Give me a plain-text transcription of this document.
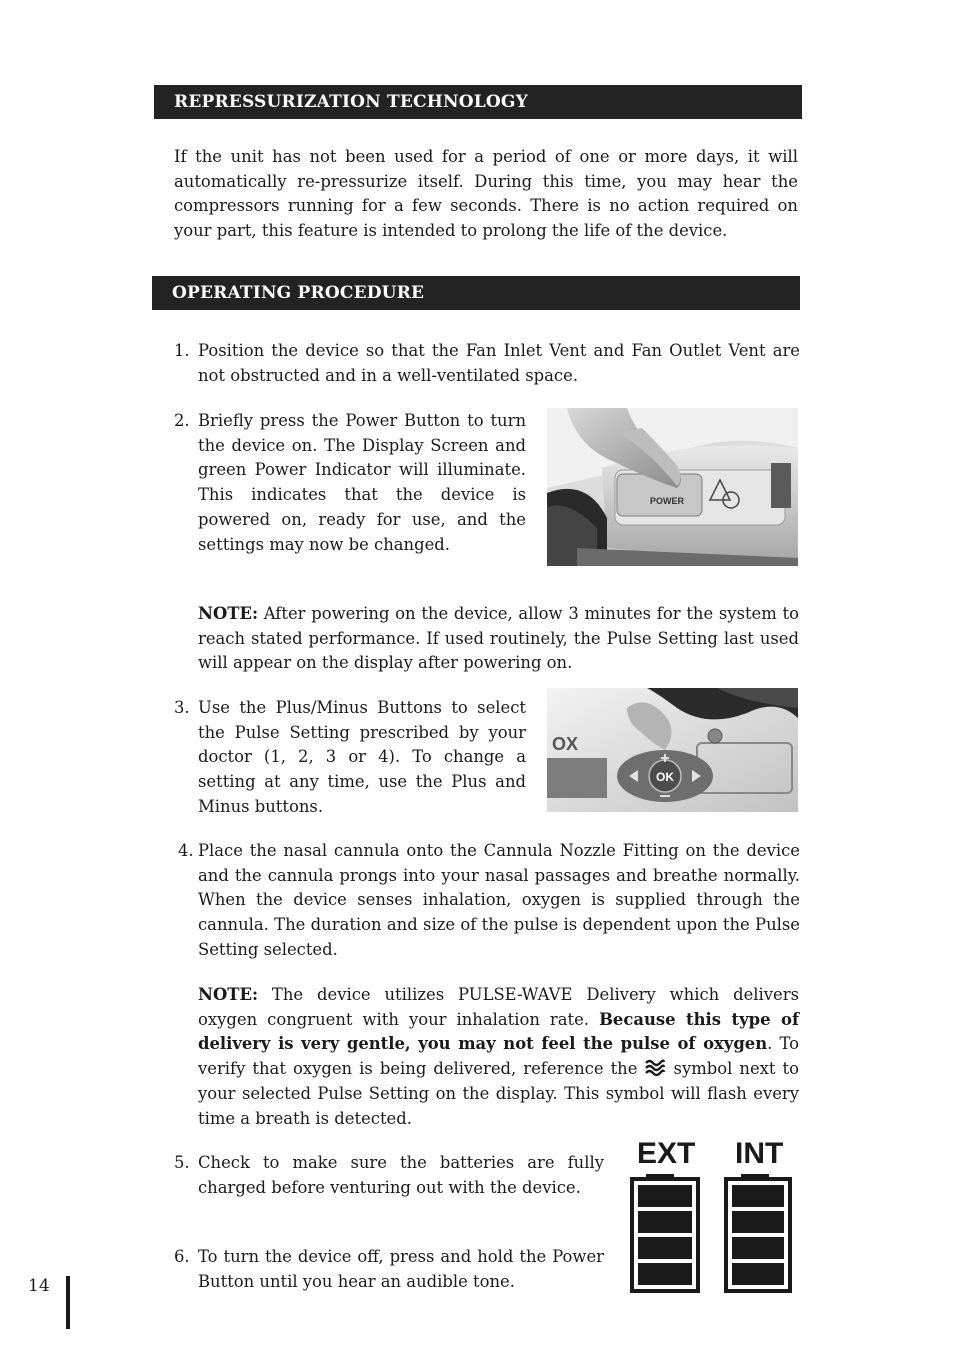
REPRESSURIZATION TECHNOLOGY

If the unit has not been used for a period of one or more days, it will automatically re-pressurize itself. During this time, you may hear the compressors running for a few seconds. There is no action required on your part, this feature is intended to prolong the life of the device.

OPERATING PROCEDURE
1. Position the device so that the Fan Inlet Vent and Fan Outlet Vent are not obstructed and in a well-ventilated space.

2. Briefly press the Power Button to turn the device on. The Display Screen and green Power Indicator will illuminate. This indicates that the device is powered on, ready for use, and the settings may now be changed.

POWER

NOTE: After powering on the device, allow 3 minutes for the system to reach stated performance. If used routinely, the Pulse Setting last used will appear on the display after powering on.

3. Use the Plus/Minus Buttons to select the Pulse Setting prescribed by your doctor (1, 2, 3 or 4). To change a setting at any time, use the Plus and Minus buttons.

OX
OK
4. Place the nasal cannula onto the Cannula Nozzle Fitting on the device and the cannula prongs into your nasal passages and breathe normally. When the device senses inhalation, oxygen is supplied through the cannula. The duration and size of the pulse is dependent upon the Pulse Setting selected.

NOTE: The device utilizes PULSE-WAVE Delivery which delivers oxygen congruent with your inhalation rate. Because this type of delivery is very gentle, you may not feel the pulse of oxygen. To verify that oxygen is being delivered, reference the  symbol next to your selected Pulse Setting on the display. This symbol will flash every time a breath is detected.

5. Check to make sure the batteries are fully charged before venturing out with the device.

6. To turn the device off, press and hold the Power Button until you hear an audible tone.

EXT INT
14
